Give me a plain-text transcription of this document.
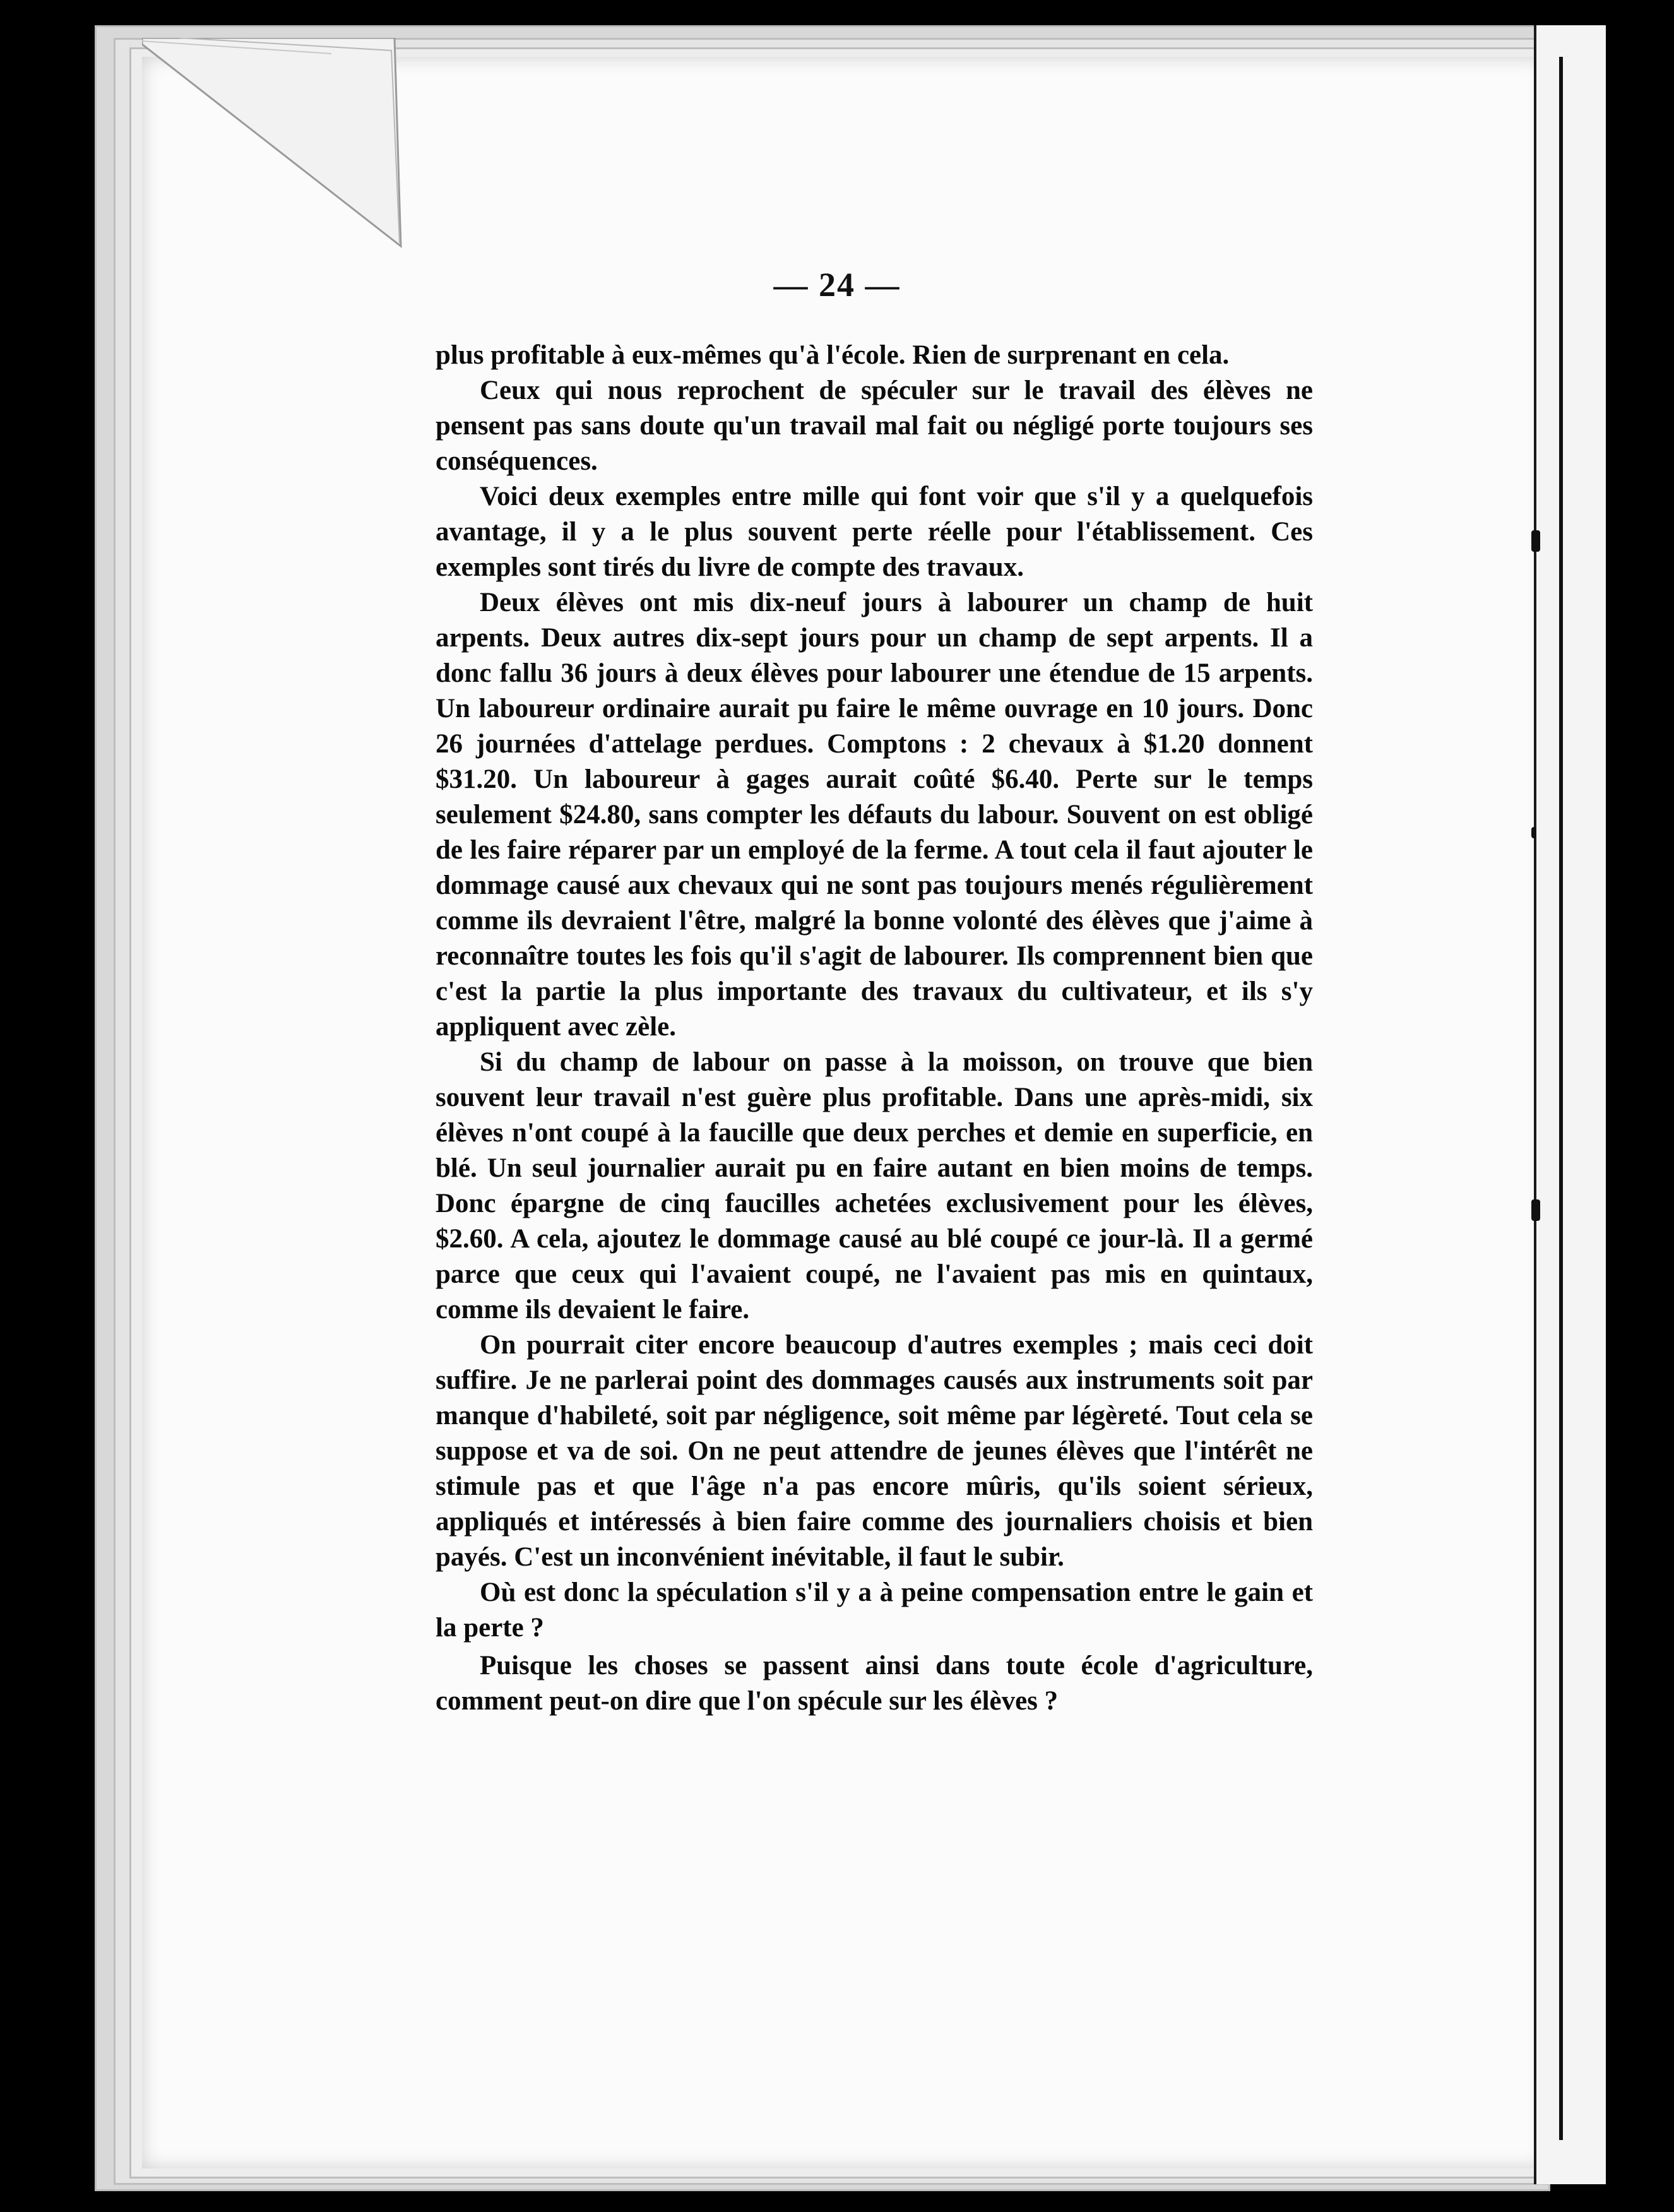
— 24 —

plus profitable à eux-mêmes qu'à l'école. Rien de surprenant en cela.

Ceux qui nous reprochent de spéculer sur le travail des élèves ne pensent pas sans doute qu'un travail mal fait ou négligé porte toujours ses conséquences.

Voici deux exemples entre mille qui font voir que s'il y a quelquefois avantage, il y a le plus souvent perte réelle pour l'établissement. Ces exemples sont tirés du livre de compte des travaux.

Deux élèves ont mis dix-neuf jours à labourer un champ de huit arpents. Deux autres dix-sept jours pour un champ de sept arpents. Il a donc fallu 36 jours à deux élèves pour labourer une étendue de 15 arpents. Un laboureur ordinaire aurait pu faire le même ouvrage en 10 jours. Donc 26 journées d'attelage perdues. Comptons : 2 chevaux à $1.20 donnent $31.20. Un laboureur à gages aurait coûté $6.40. Perte sur le temps seulement $24.80, sans compter les défauts du labour. Souvent on est obligé de les faire réparer par un employé de la ferme. A tout cela il faut ajouter le dommage causé aux chevaux qui ne sont pas toujours menés régulièrement comme ils devraient l'être, malgré la bonne volonté des élèves que j'aime à reconnaître toutes les fois qu'il s'agit de labourer. Ils comprennent bien que c'est la partie la plus importante des travaux du cultivateur, et ils s'y appliquent avec zèle.

Si du champ de labour on passe à la moisson, on trouve que bien souvent leur travail n'est guère plus profitable. Dans une après-midi, six élèves n'ont coupé à la faucille que deux perches et demie en superficie, en blé. Un seul journalier aurait pu en faire autant en bien moins de temps. Donc épargne de cinq faucilles achetées exclusivement pour les élèves, $2.60. A cela, ajoutez le dommage causé au blé coupé ce jour-là. Il a germé parce que ceux qui l'avaient coupé, ne l'avaient pas mis en quintaux, comme ils devaient le faire.

On pourrait citer encore beaucoup d'autres exemples ; mais ceci doit suffire. Je ne parlerai point des dommages causés aux instruments soit par manque d'habileté, soit par négligence, soit même par légèreté. Tout cela se suppose et va de soi. On ne peut attendre de jeunes élèves que l'intérêt ne stimule pas et que l'âge n'a pas encore mûris, qu'ils soient sérieux, appliqués et intéressés à bien faire comme des journaliers choisis et bien payés. C'est un inconvénient inévitable, il faut le subir.

Où est donc la spéculation s'il y a à peine compensation entre le gain et la perte ?

Puisque les choses se passent ainsi dans toute école d'agriculture, comment peut-on dire que l'on spécule sur les élèves ?
